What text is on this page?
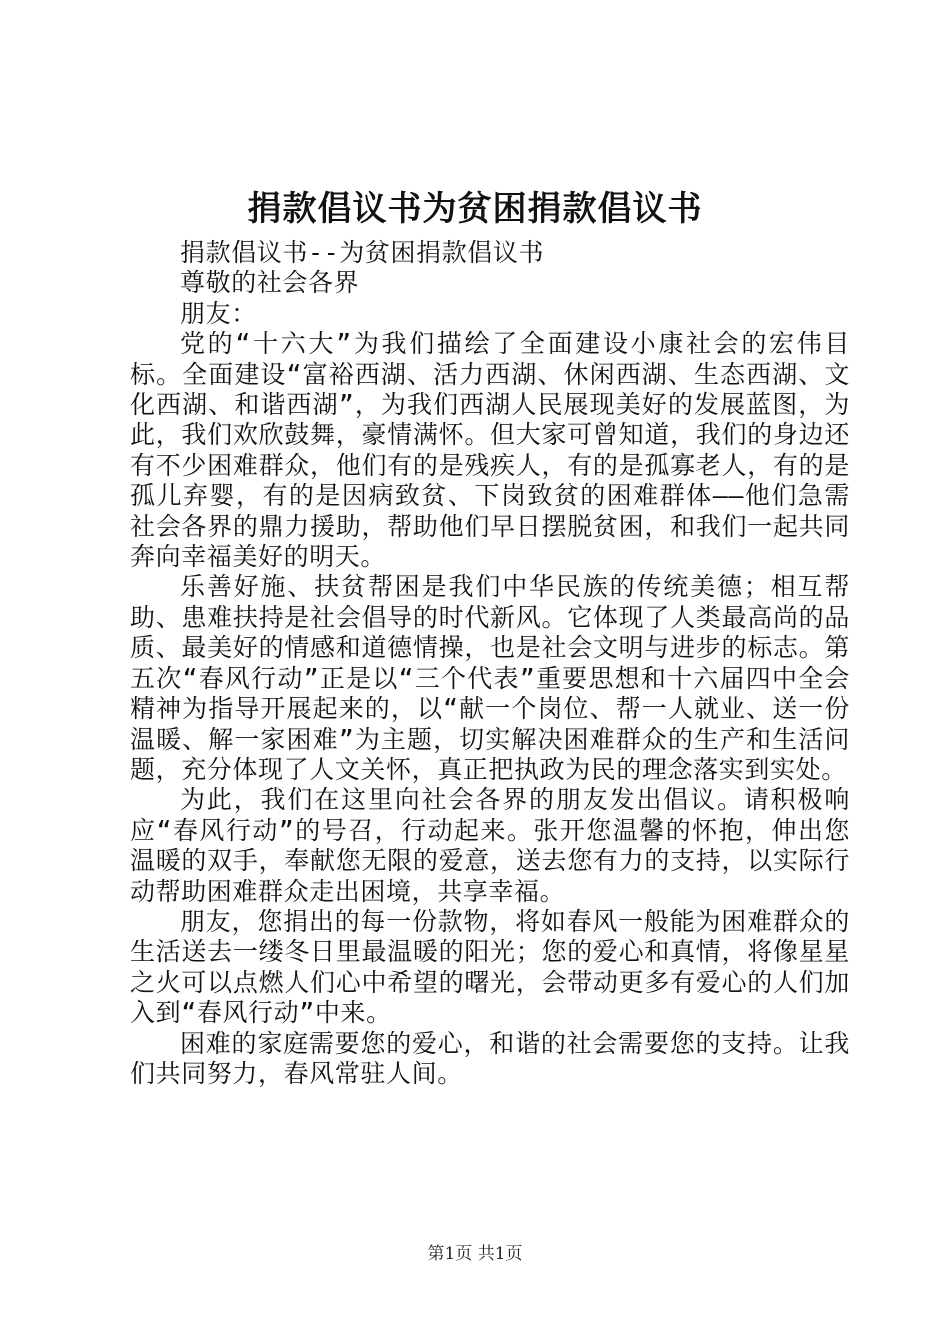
捐款倡议书为贫困捐款倡议书

捐款倡议书--为贫困捐款倡议书

尊敬的社会各界

朋友：

党的“十六大”为我们描绘了全面建设小康社会的宏伟目标。全面建设“富裕西湖、活力西湖、休闲西湖、生态西湖、文化西湖、和谐西湖”，为我们西湖人民展现美好的发展蓝图，为此，我们欢欣鼓舞，豪情满怀。但大家可曾知道，我们的身边还有不少困难群众，他们有的是残疾人，有的是孤寡老人，有的是孤儿弃婴，有的是因病致贫、下岗致贫的困难群体——他们急需社会各界的鼎力援助，帮助他们早日摆脱贫困，和我们一起共同奔向幸福美好的明天。

乐善好施、扶贫帮困是我们中华民族的传统美德；相互帮助、患难扶持是社会倡导的时代新风。它体现了人类最高尚的品质、最美好的情感和道德情操，也是社会文明与进步的标志。第五次“春风行动”正是以“三个代表”重要思想和十六届四中全会精神为指导开展起来的，以“献一个岗位、帮一人就业、送一份温暖、解一家困难”为主题，切实解决困难群众的生产和生活问题，充分体现了人文关怀，真正把执政为民的理念落实到实处。

为此，我们在这里向社会各界的朋友发出倡议。请积极响应“春风行动”的号召，行动起来。张开您温馨的怀抱，伸出您温暖的双手，奉献您无限的爱意，送去您有力的支持，以实际行动帮助困难群众走出困境，共享幸福。

朋友，您捐出的每一份款物，将如春风一般能为困难群众的生活送去一缕冬日里最温暖的阳光；您的爱心和真情，将像星星之火可以点燃人们心中希望的曙光，会带动更多有爱心的人们加入到“春风行动”中来。

困难的家庭需要您的爱心，和谐的社会需要您的支持。让我们共同努力，春风常驻人间。

第1页 共1页
